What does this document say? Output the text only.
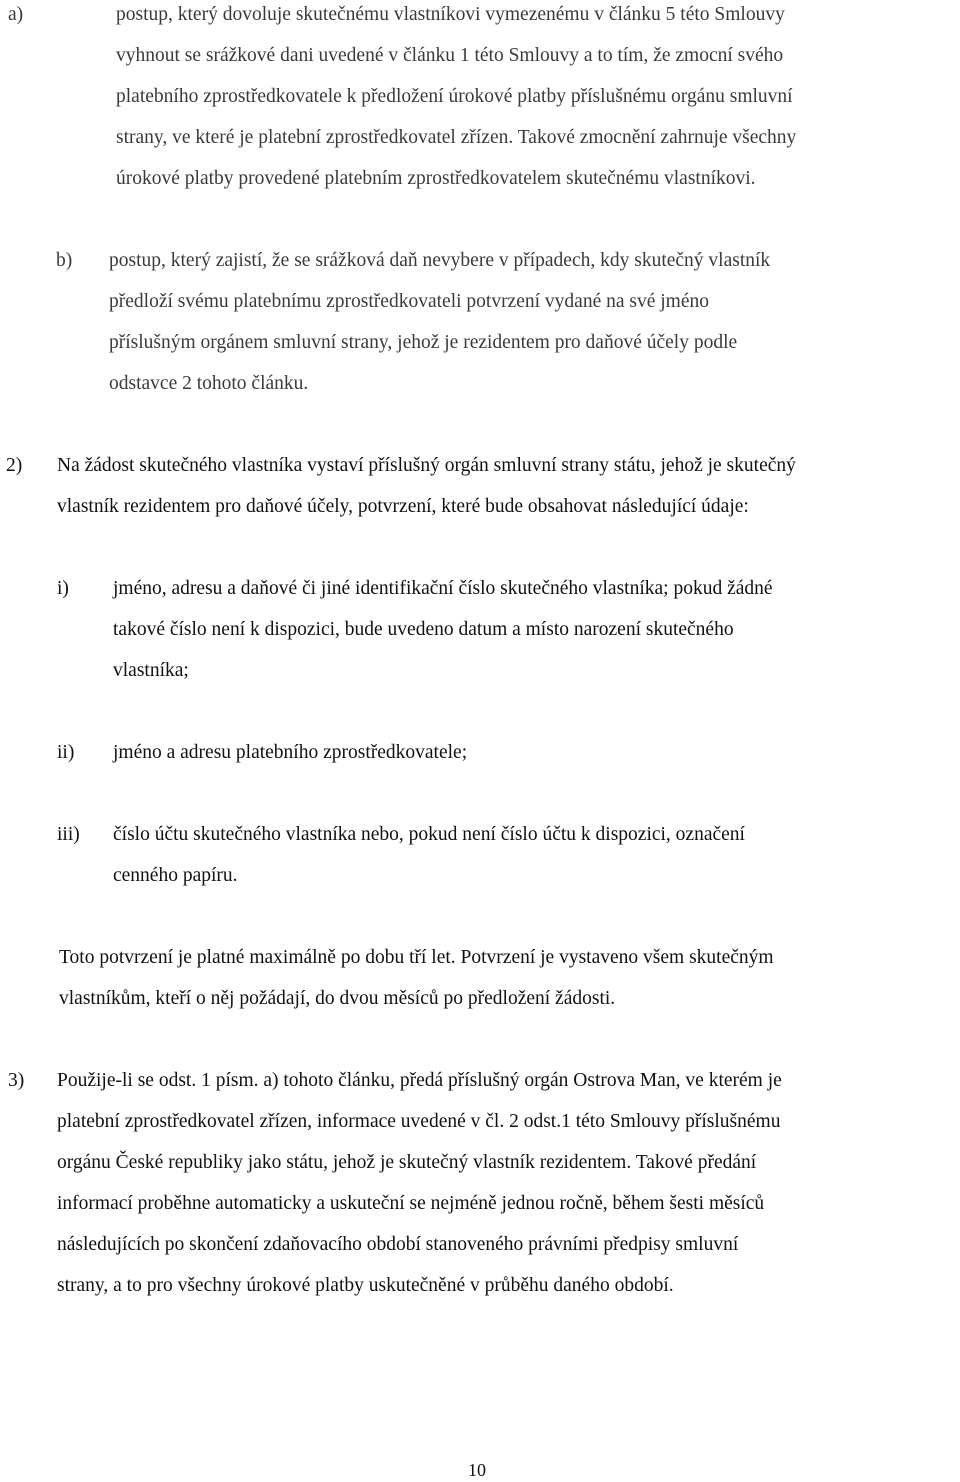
a)	postup, který dovoluje skutečnému vlastníkovi vymezenému v článku 5 této Smlouvy
vyhnout se srážkové dani uvedené v článku 1 této Smlouvy a to tím, že zmocní svého
platebního zprostředkovatele k předložení úrokové platby příslušnému orgánu smluvní
strany, ve které je platební zprostředkovatel zřízen. Takové zmocnění zahrnuje všechny
úrokové platby provedené platebním zprostředkovatelem skutečnému vlastníkovi.
b) postup, který zajistí, že se srážková daň nevybere v případech, kdy skutečný vlastník
předloží svému platebnímu zprostředkovateli potvrzení vydané na své jméno
příslušným orgánem smluvní strany, jehož je rezidentem pro daňové účely podle
odstavce 2 tohoto článku.
2) Na žádost skutečného vlastníka vystaví příslušný orgán smluvní strany státu, jehož je skutečný
vlastník rezidentem pro daňové účely, potvrzení, které bude obsahovat následující údaje:
i) jméno, adresu a daňové či jiné identifikační číslo skutečného vlastníka; pokud žádné
takové číslo není k dispozici, bude uvedeno datum a místo narození skutečného
vlastníka;
ii) jméno a adresu platebního zprostředkovatele;
iii) číslo účtu skutečného vlastníka nebo, pokud není číslo účtu k dispozici, označení
cenného papíru.
Toto potvrzení je platné maximálně po dobu tří let. Potvrzení je vystaveno všem skutečným
vlastníkům, kteří o něj požádají, do dvou měsíců po předložení žádosti.
3) Použije-li se odst. 1 písm. a) tohoto článku, předá příslušný orgán Ostrova Man, ve kterém je
platební zprostředkovatel zřízen, informace uvedené v čl. 2 odst.1 této Smlouvy příslušnému
orgánu České republiky jako státu, jehož je skutečný vlastník rezidentem. Takové předání
informací proběhne automaticky a uskuteční se nejméně jednou ročně, během šesti měsíců
následujících po skončení zdaňovacího období stanoveného právními předpisy smluvní
strany, a to pro všechny úrokové platby uskutečněné v průběhu daného období.
10
